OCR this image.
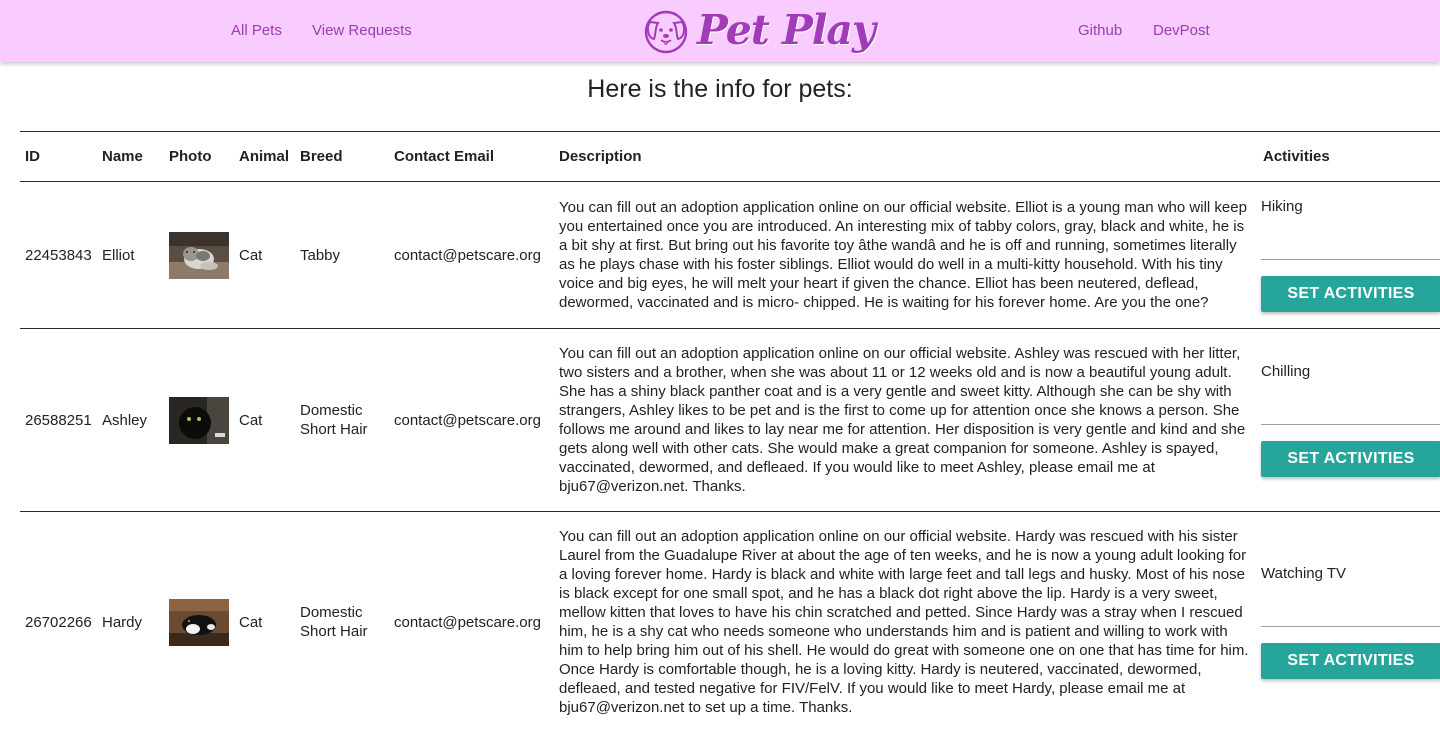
All Pets View Requests	Pet Play	Github DevPost
Here is the info for pets:
ID	Name	Photo	Animal	Breed	Contact Email	Description	Activities
22453843	Elliot		Cat	Tabby	contact@petscare.org	You can fill out an adoption application online on our official website. Elliot is a young man who will keep you entertained once you are introduced. An interesting mix of tabby colors, gray, black and white, he is a bit shy at first. But bring out his favorite toy âthe wandâ and he is off and running, sometimes literally as he plays chase with his foster siblings. Elliot would do well in a multi-kitty household. With his tiny voice and big eyes, he will melt your heart if given the chance. Elliot has been neutered, deflead, dewormed, vaccinated and is micro- chipped. He is waiting for his forever home. Are you the one?	Hiking
SET ACTIVITIES

26588251	Ashley		Cat	Domestic Short Hair	contact@petscare.org	You can fill out an adoption application online on our official website. Ashley was rescued with her litter, two sisters and a brother, when she was about 11 or 12 weeks old and is now a beautiful young adult. She has a shiny black panther coat and is a very gentle and sweet kitty. Although she can be shy with strangers, Ashley likes to be pet and is the first to come up for attention once she knows a person. She follows me around and likes to lay near me for attention. Her disposition is very gentle and kind and she gets along well with other cats. She would make a great companion for someone. Ashley is spayed, vaccinated, dewormed, and defleaed. If you would like to meet Ashley, please email me at bju67@verizon.net. Thanks.	Chilling
SET ACTIVITIES

26702266	Hardy		Cat	Domestic Short Hair	contact@petscare.org	You can fill out an adoption application online on our official website. Hardy was rescued with his sister Laurel from the Guadalupe River at about the age of ten weeks, and he is now a young adult looking for a loving forever home. Hardy is black and white with large feet and tall legs and husky. Most of his nose is black except for one small spot, and he has a black dot right above the lip. Hardy is a very sweet, mellow kitten that loves to have his chin scratched and petted. Since Hardy was a stray when I rescued him, he is a shy cat who needs someone who understands him and is patient and willing to work with him to help bring him out of his shell. He would do great with someone one on one that has time for him. Once Hardy is comfortable though, he is a loving kitty. Hardy is neutered, vaccinated, dewormed, defleaed, and tested negative for FIV/FelV. If you would like to meet Hardy, please email me at bju67@verizon.net to set up a time. Thanks.	Watching TV
SET ACTIVITIES
